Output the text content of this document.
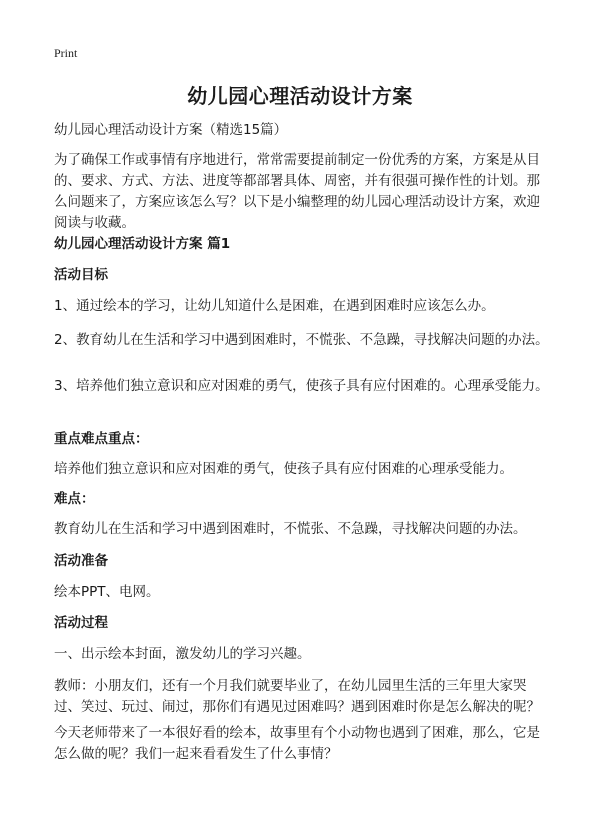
Print
幼儿园心理活动设计方案

幼儿园心理活动设计方案（精选15篇）

为了确保工作或事情有序地进行，常常需要提前制定一份优秀的方案，方案是从目的、要求、方式、方法、进度等都部署具体、周密，并有很强可操作性的计划。那么问题来了，方案应该怎么写？以下是小编整理的幼儿园心理活动设计方案，欢迎阅读与收藏。

幼儿园心理活动设计方案 篇1

活动目标

1、通过绘本的学习，让幼儿知道什么是困难，在遇到困难时应该怎么办。

2、教育幼儿在生活和学习中遇到困难时，不慌张、不急躁，寻找解决问题的办法。

3、培养他们独立意识和应对困难的勇气，使孩子具有应付困难的。心理承受能力。

重点难点重点：

培养他们独立意识和应对困难的勇气，使孩子具有应付困难的心理承受能力。

难点：

教育幼儿在生活和学习中遇到困难时，不慌张、不急躁，寻找解决问题的办法。

活动准备

绘本PPT、电网。

活动过程

一、出示绘本封面，激发幼儿的学习兴趣。

教师：小朋友们，还有一个月我们就要毕业了，在幼儿园里生活的三年里大家哭过、笑过、玩过、闹过，那你们有遇见过困难吗？遇到困难时你是怎么解决的呢？

今天老师带来了一本很好看的绘本，故事里有个小动物也遇到了困难，那么，它是怎么做的呢？我们一起来看看发生了什么事情？
